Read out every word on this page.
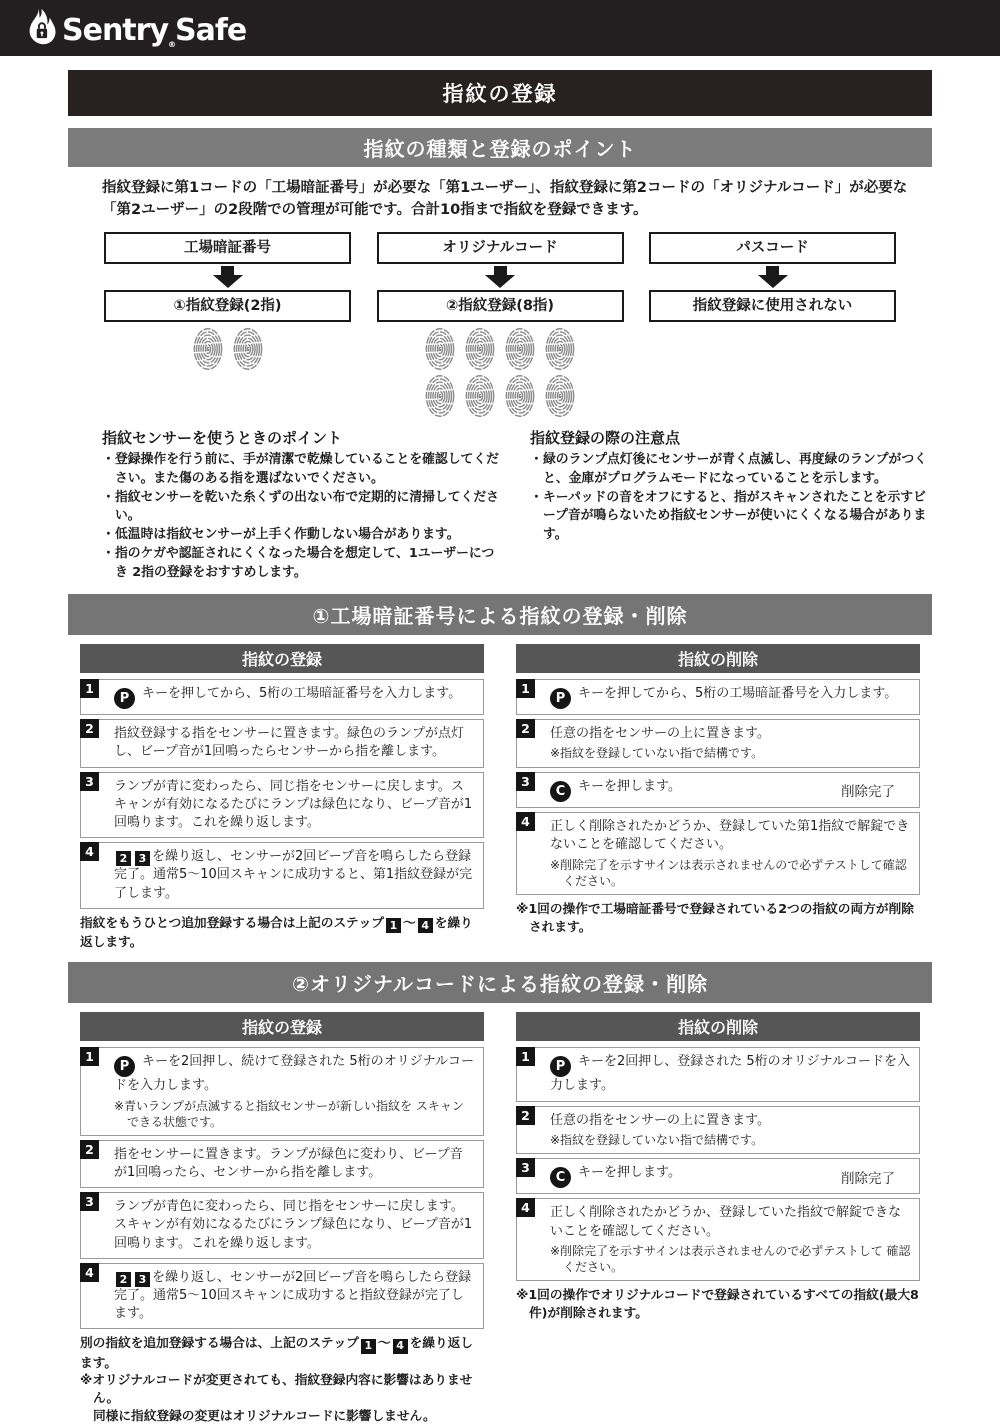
Sentry$_®$Safe
指紋の登録
指紋の種類と登録のポイント

指紋登録に第1コードの「工場暗証番号」が必要な「第1ユーザー」、指紋登録に第2コードの「オリジナルコード」が必要な

「第2ユーザー」の2段階での管理が可能です。合計10指まで指紋を登録できます。

工場暗証番号
①指紋登録(2指)
オリジナルコード
②指紋登録(8指)
パスコード
指紋登録に使用されない

指紋センサーを使うときのポイント

・ 登録操作を行う前に、手が清潔で乾燥していることを確認してください。また傷のある指を選ばないでください。
・ 指紋センサーを乾いた糸くずの出ない布で定期的に清掃してください。
・ 低温時は指紋センサーが上手く作動しない場合があります。
・ 指のケガや認証されにくくなった場合を想定して、1ユーザーにつき 2指の登録をおすすめします。

指紋登録の際の注意点

・ 緑のランプ点灯後にセンサーが青く点滅し、再度緑のランプがつくと、金庫がプログラムモードになっていることを示します。
・ キーパッドの音をオフにすると、指がスキャンされたことを示すビープ音が鳴らないため指紋センサーが使いにくくなる場合があります。
①工場暗証番号による指紋の登録・削除
指紋の登録
1

P キーを押してから、5桁の工場暗証番号を入力します。

2	指紋登録する指をセンサーに置きます。緑色のランプが点灯し、ビープ音が1回鳴ったらセンサーから指を離します。

3	ランプが青に変わったら、同じ指をセンサーに戻します。スキャンが有効になるたびにランプは緑色になり、ビープ音が1回鳴ります。これを繰り返します。

4	2 3 を繰り返し、センサーが2回ビープ音を鳴らしたら登録完了。通常5〜10回スキャンに成功すると、第1指紋登録が完了します。

指紋をもうひとつ追加登録する場合は上記のステップ 1 〜 4 を繰り返します。

指紋の削除
1

P キーを押してから、5桁の工場暗証番号を入力します。

2	任意の指をセンサーの上に置きます。

※指紋を登録していない指で結構です。

3

C キーを押します。	削除完了

4	正しく削除されたかどうか、登録していた第1指紋で解錠できないことを確認してください。

※削除完了を示すサインは表示されませんので必ずテストして確認ください。

※1回の操作で工場暗証番号で登録されている2つの指紋の両方が削除されます。

②オリジナルコードによる指紋の登録・削除
指紋の登録
1

P キーを2回押し、続けて登録された 5桁のオリジナルコードを入力します。

※青いランプが点滅すると指紋センサーが新しい指紋を スキャンできる状態です。

2	指をセンサーに置きます。ランプが緑色に変わり、ビープ音が1回鳴ったら、センサーから指を離します。

3	ランプが青色に変わったら、同じ指をセンサーに戻します。スキャンが有効になるたびにランプ緑色になり、ビープ音が1回鳴ります。これを繰り返します。

4	2 3 を繰り返し、センサーが2回ビープ音を鳴らしたら登録完了。通常5〜10回スキャンに成功すると指紋登録が完了します。

別の指紋を追加登録する場合は、上記のステップ 1 〜 4 を繰り返します。

※オリジナルコードが変更されても、指紋登録内容に影響はありません。

同様に指紋登録の変更はオリジナルコードに影響しません。

指紋の削除
1

P キーを2回押し、登録された 5桁のオリジナルコードを入力します。

2	任意の指をセンサーの上に置きます。

※指紋を登録していない指で結構です。

3

C キーを押します。	削除完了

4	正しく削除されたかどうか、登録していた指紋で解錠できないことを確認してください。

※削除完了を示すサインは表示されませんので必ずテストして 確認ください。

※1回の操作でオリジナルコードで登録されているすべての指紋(最大8件)が削除されます。
